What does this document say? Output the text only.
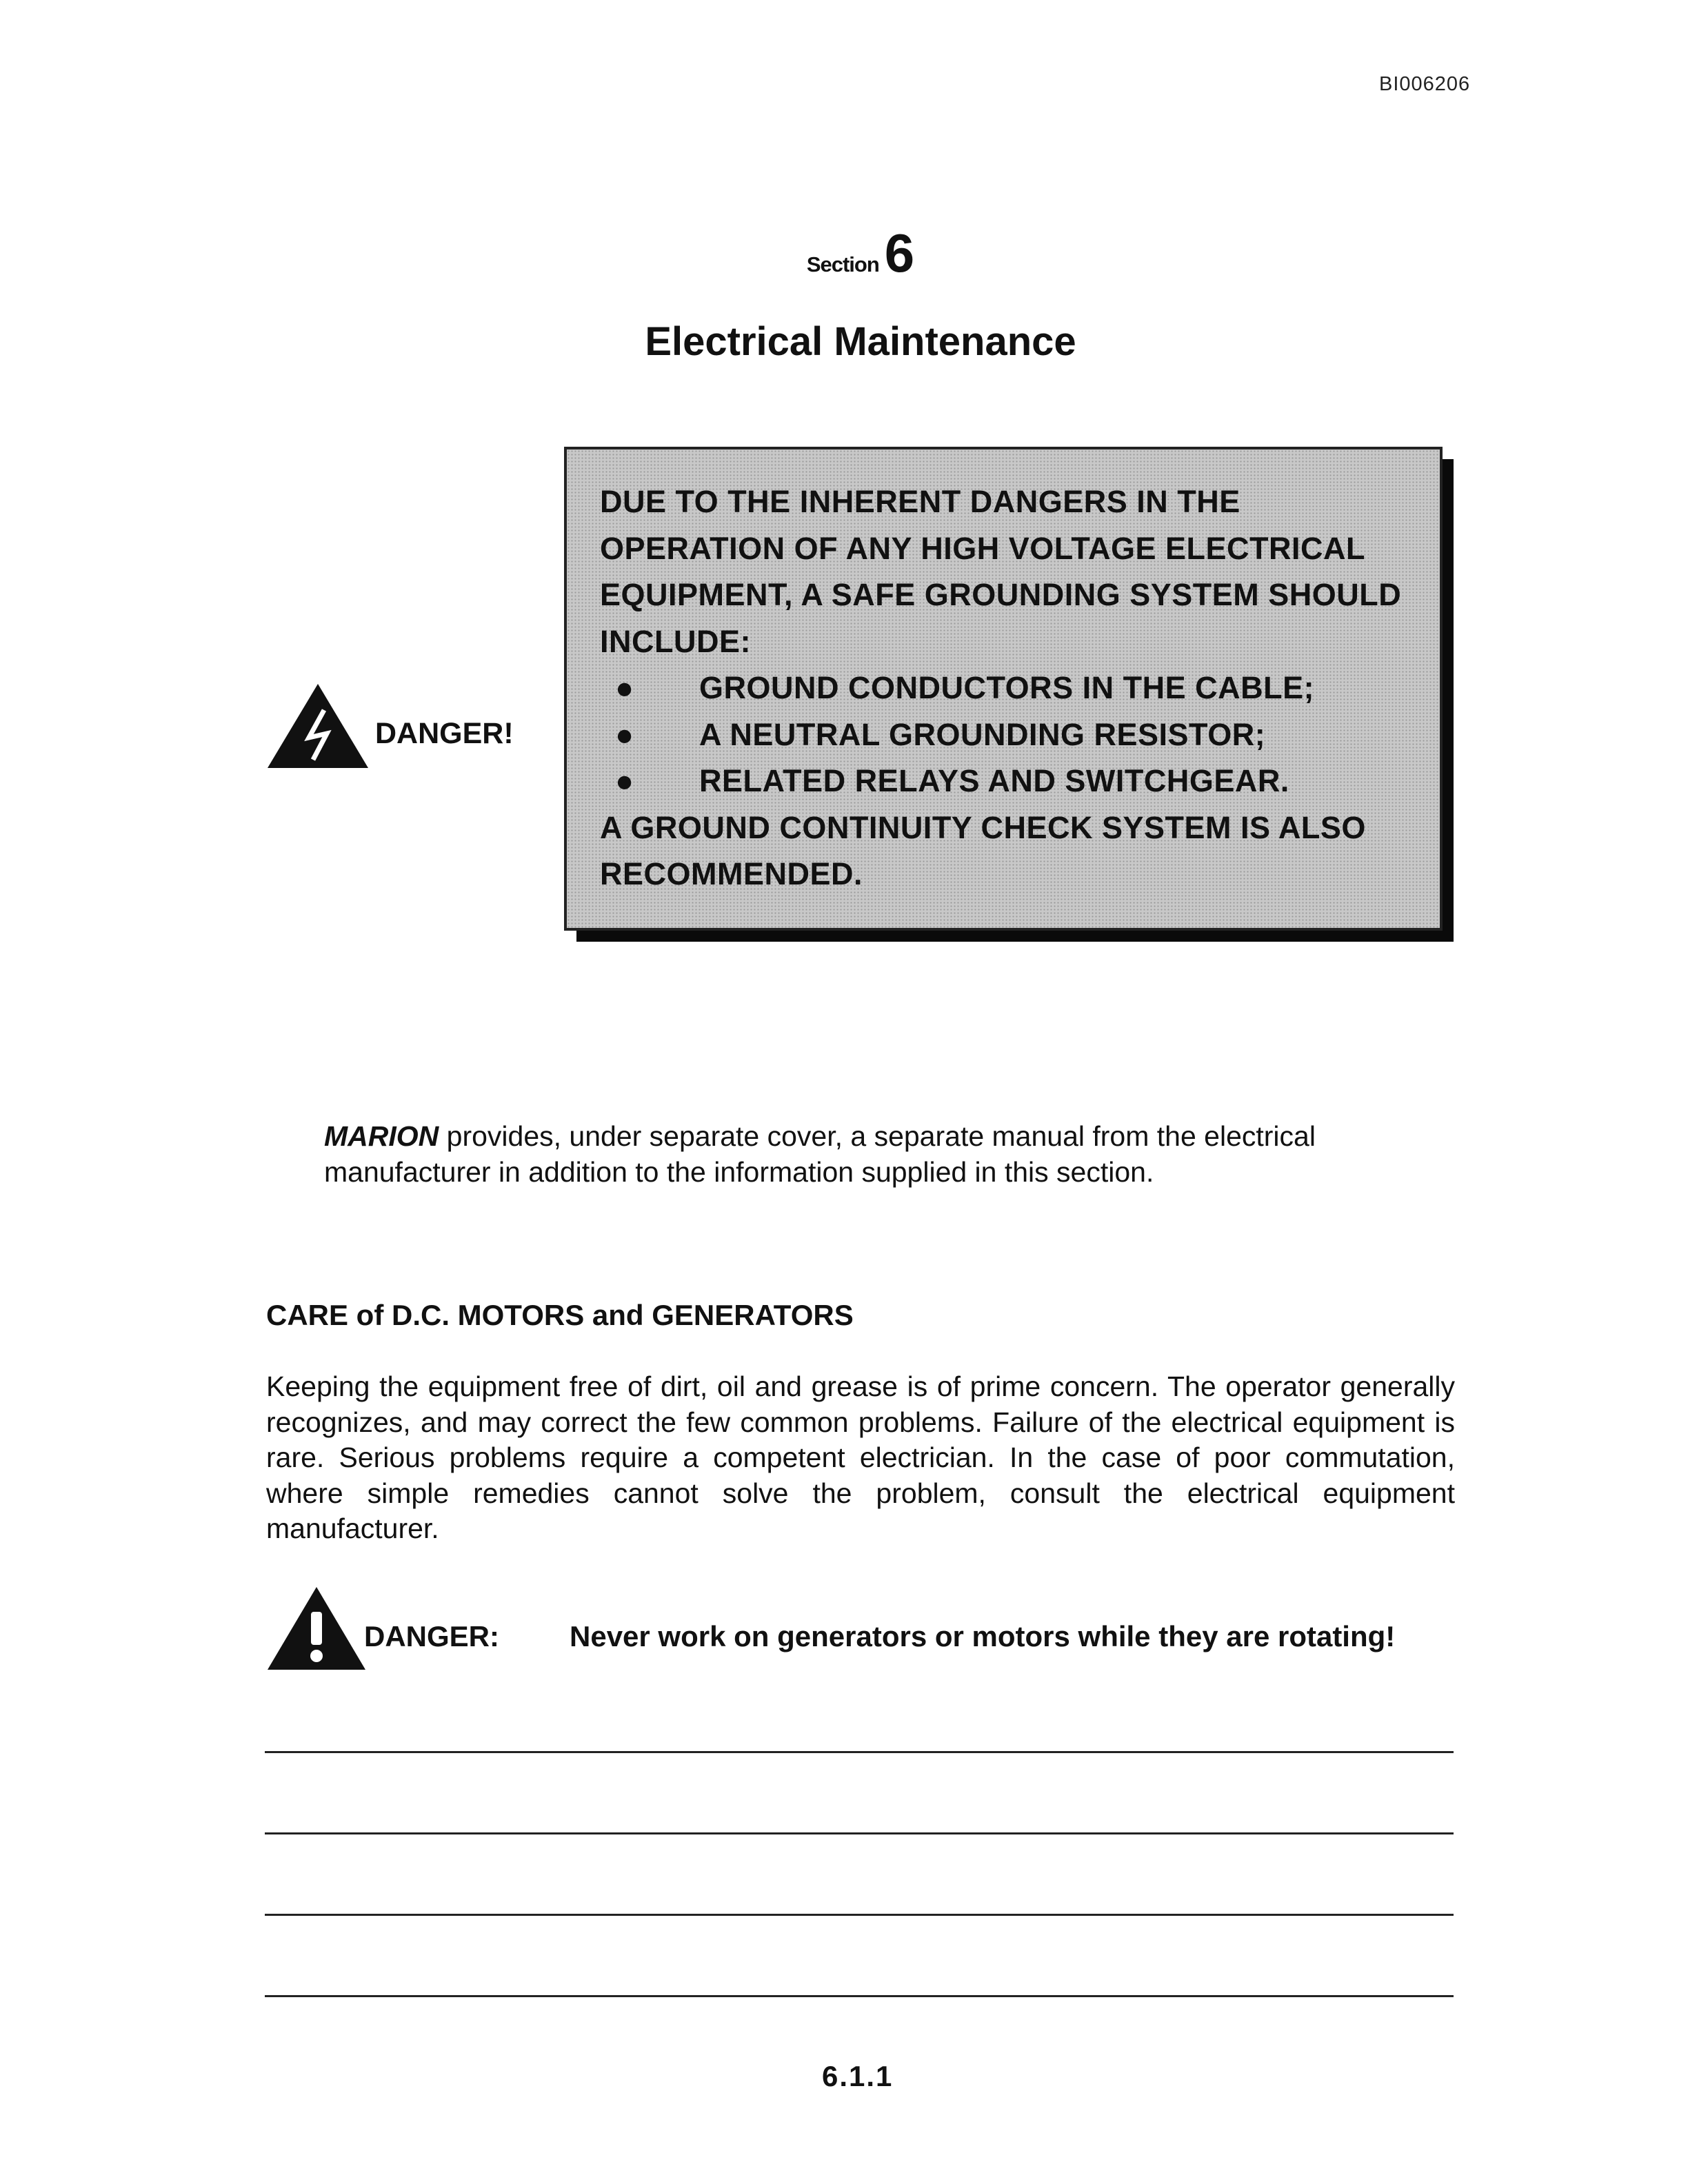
BI006206
Section 6
Electrical Maintenance
DANGER!
DUE TO THE INHERENT DANGERS IN THE
OPERATION OF ANY HIGH VOLTAGE ELECTRICAL
EQUIPMENT, A SAFE GROUNDING SYSTEM SHOULD
INCLUDE:
● GROUND CONDUCTORS IN THE CABLE;
● A NEUTRAL GROUNDING RESISTOR;
● RELATED RELAYS AND SWITCHGEAR.
A GROUND CONTINUITY CHECK SYSTEM IS ALSO
RECOMMENDED.
MARION provides, under separate cover, a separate manual from the electrical manufacturer in addition to the information supplied in this section.
CARE of D.C. MOTORS and GENERATORS
Keeping the equipment free of dirt, oil and grease is of prime concern. The operator generally recognizes, and may correct the few common problems. Failure of the electrical equipment is rare. Serious problems require a competent electrician. In the case of poor commutation, where simple remedies cannot solve the problem, consult the electrical equipment manufacturer.
DANGER: Never work on generators or motors while they are rotating!
6.1.1
